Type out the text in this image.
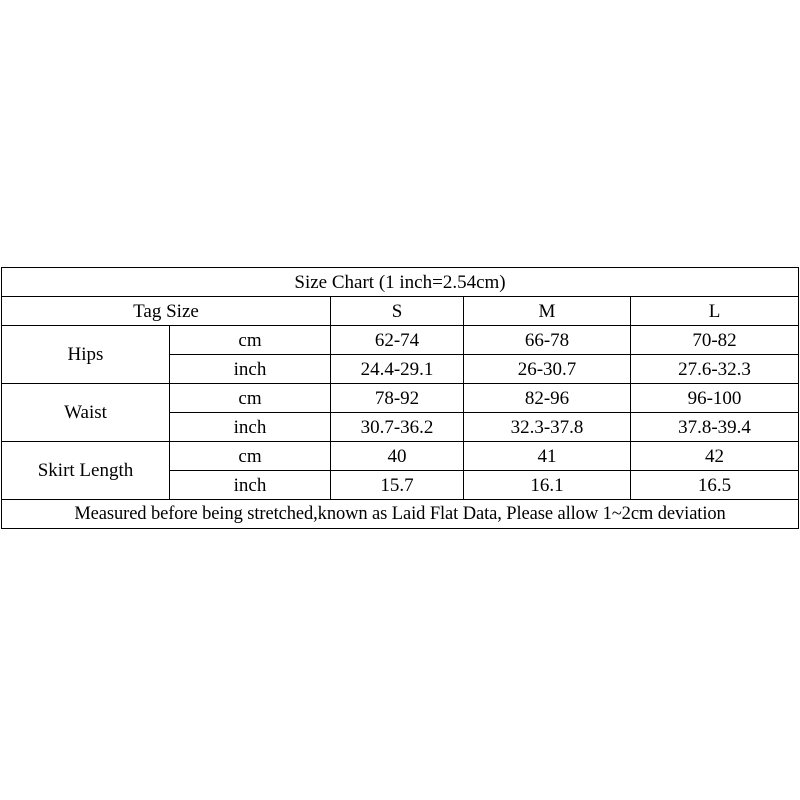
Size Chart (1 inch=2.54cm)				
Tag Size		S	M	L
Hips	cm	62-74	66-78	70-82
	inch	24.4-29.1	26-30.7	27.6-32.3
Waist	cm	78-92	82-96	96-100
	inch	30.7-36.2	32.3-37.8	37.8-39.4
Skirt Length	cm	40	41	42
	inch	15.7	16.1	16.5
Measured before being stretched,known as Laid Flat Data, Please allow 1~2cm deviation				
